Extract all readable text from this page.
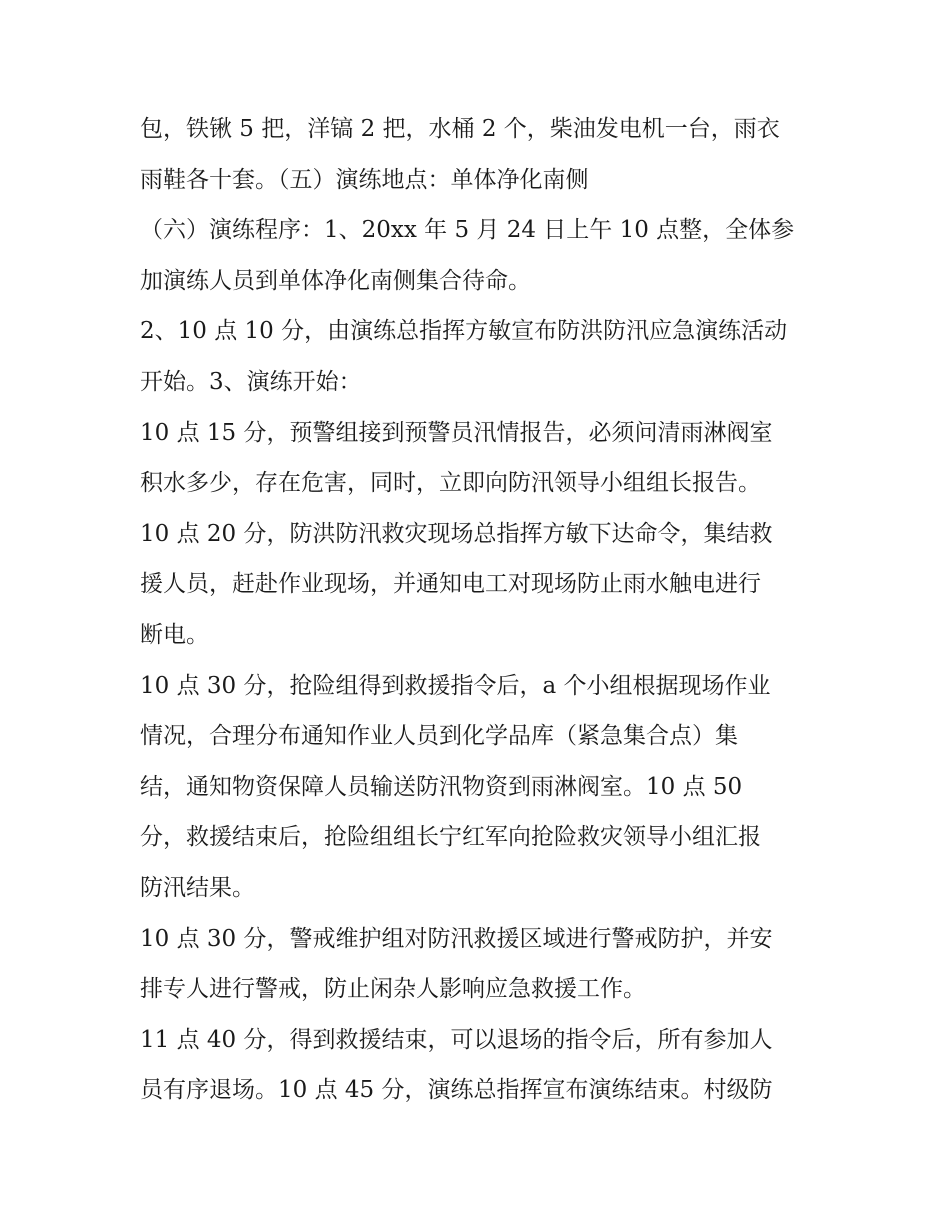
包，铁锹 5 把，洋镐 2 把，水桶 2 个，柴油发电机一台，雨衣
雨鞋各十套。（五）演练地点：单体净化南侧
（六）演练程序：1、20xx 年 5 月 24 日上午 10 点整，全体参
加演练人员到单体净化南侧集合待命。
2、10 点 10 分，由演练总指挥方敏宣布防洪防汛应急演练活动
开始。3、演练开始：
10 点 15 分，预警组接到预警员汛情报告，必须问清雨淋阀室
积水多少，存在危害，同时，立即向防汛领导小组组长报告。
10 点 20 分，防洪防汛救灾现场总指挥方敏下达命令，集结救
援人员，赶赴作业现场，并通知电工对现场防止雨水触电进行
断电。
10 点 30 分，抢险组得到救援指令后，a 个小组根据现场作业
情况，合理分布通知作业人员到化学品库（紧急集合点）集
结，通知物资保障人员输送防汛物资到雨淋阀室。10 点 50
分，救援结束后，抢险组组长宁红军向抢险救灾领导小组汇报
防汛结果。
10 点 30 分，警戒维护组对防汛救援区域进行警戒防护，并安
排专人进行警戒，防止闲杂人影响应急救援工作。
11 点 40 分，得到救援结束，可以退场的指令后，所有参加人
员有序退场。10 点 45 分，演练总指挥宣布演练结束。村级防
